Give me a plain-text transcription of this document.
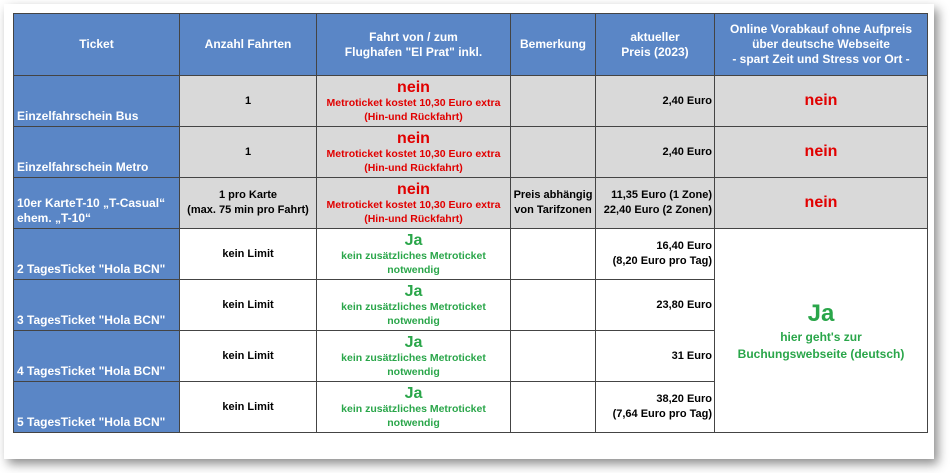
Ticket	Anzahl Fahrten	Fahrt von / zum
Flughafen "El Prat" inkl.	Bemerkung	aktueller
Preis (2023)	Online Vorabkauf ohne Aufpreis
über deutsche Webseite
- spart Zeit und Stress vor Ort -

Einzelfahrschein Bus	1	nein
Metroticket kostet 10,30 Euro extra
(Hin-und Rückfahrt)		2,40 Euro	nein
Einzelfahrschein Metro	1	nein
Metroticket kostet 10,30 Euro extra
(Hin-und Rückfahrt)		2,40 Euro	nein

10er KarteT-10 „T-Casual“
ehem. „T-10“	1 pro Karte
(max. 75 min pro Fahrt)	nein
Metroticket kostet 10,30 Euro extra
(Hin-und Rückfahrt)	Preis abhängig
von Tarifzonen	11,35 Euro (1 Zone)
22,40 Euro (2 Zonen)	nein
2 TagesTicket "Hola BCN"	kein Limit	Ja
kein zusätzliches Metroticket
notwendig		16,40 Euro
(8,20 Euro pro Tag)	Ja
hier geht's zur
Buchungswebseite (deutsch)

3 TagesTicket "Hola BCN"	kein Limit	Ja
kein zusätzliches Metroticket
notwendig		23,80 Euro	
4 TagesTicket "Hola BCN"	kein Limit	Ja
kein zusätzliches Metroticket
notwendig		31 Euro	
5 TagesTicket "Hola BCN"	kein Limit	Ja
kein zusätzliches Metroticket
notwendig		38,20 Euro
(7,64 Euro pro Tag)	
